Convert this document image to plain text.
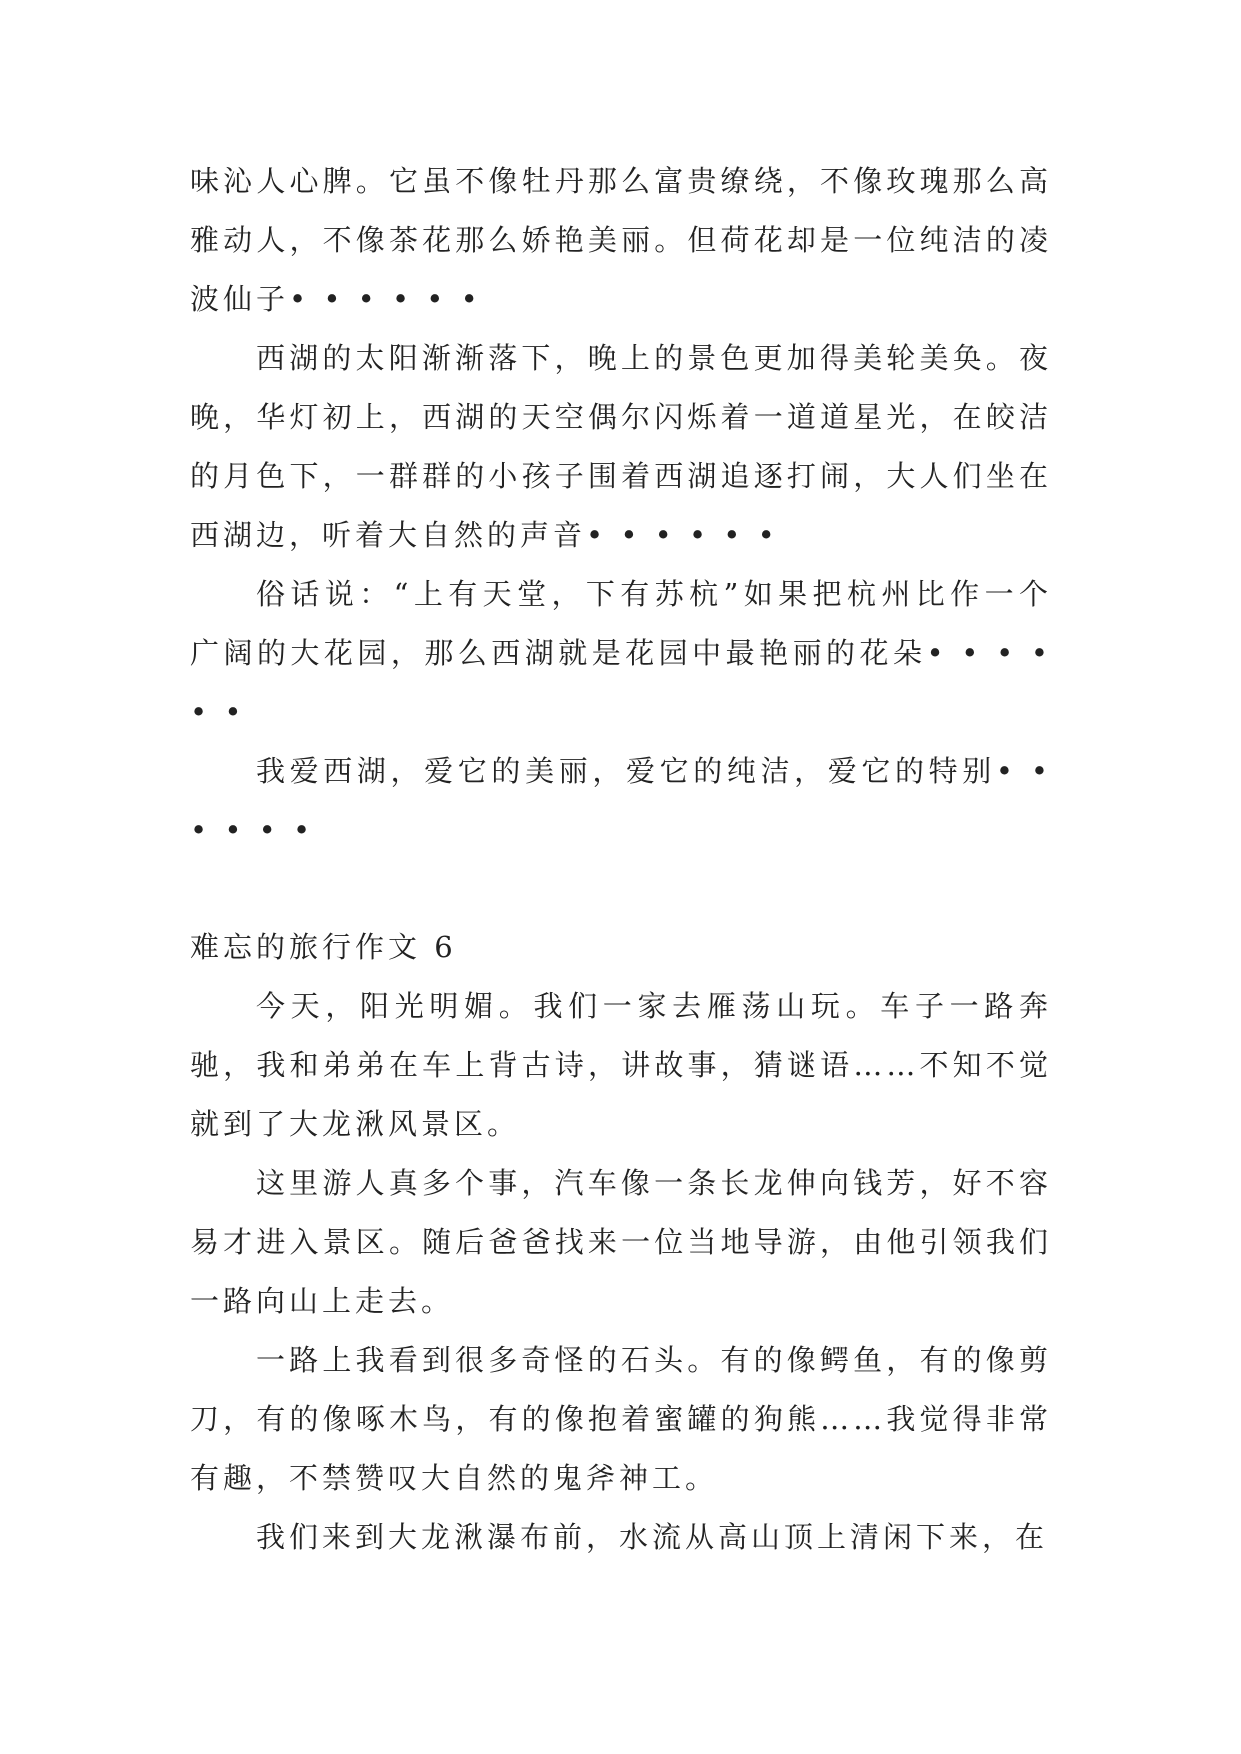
味沁人心脾。它虽不像牡丹那么富贵缭绕，不像玫瑰那么高雅动人，不像茶花那么娇艳美丽。但荷花却是一位纯洁的凌波仙子• • • • • •

西湖的太阳渐渐落下，晚上的景色更加得美轮美奂。夜晚，华灯初上，西湖的天空偶尔闪烁着一道道星光，在皎洁的月色下，一群群的小孩子围着西湖追逐打闹，大人们坐在西湖边，听着大自然的声音• • • • • •

俗话说：“上有天堂，下有苏杭”如果把杭州比作一个广阔的大花园，那么西湖就是花园中最艳丽的花朵• • • • • •

我爱西湖，爱它的美丽，爱它的纯洁，爱它的特别• • • • • •

难忘的旅行作文 6

今天，阳光明媚。我们一家去雁荡山玩。车子一路奔驰，我和弟弟在车上背古诗，讲故事，猜谜语……不知不觉就到了大龙湫风景区。

这里游人真多个事，汽车像一条长龙伸向钱芳，好不容易才进入景区。随后爸爸找来一位当地导游，由他引领我们一路向山上走去。

一路上我看到很多奇怪的石头。有的像鳄鱼，有的像剪刀，有的像啄木鸟，有的像抱着蜜罐的狗熊……我觉得非常有趣，不禁赞叹大自然的鬼斧神工。

我们来到大龙湫瀑布前，水流从高山顶上清闲下来，在
